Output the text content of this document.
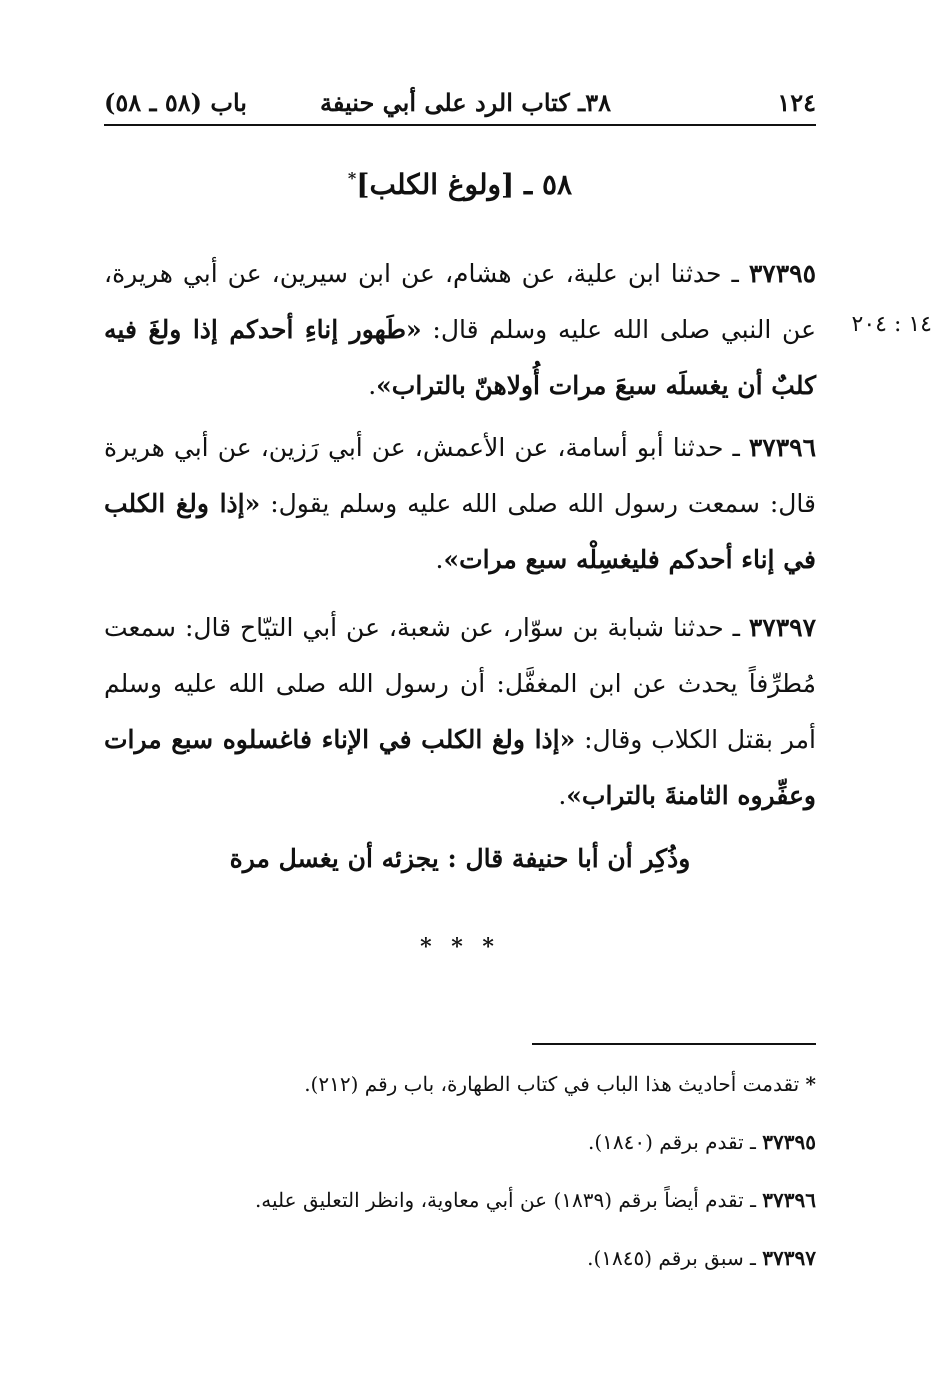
١٢٤
٣٨ـ كتاب الرد على أبي حنيفة
باب (٥٨ ـ ٥٨)
٥٨ ـ [ولوغ الكلب]*
١٤ : ٢٠٤
٣٧٣٩٥ ـ حدثنا ابن علية، عن هشام، عن ابن سيرين، عن أبي هريرة، عن النبي صلى الله عليه وسلم قال: «طَهور إناءِ أحدكم إذا ولغَ فيه كلبٌ أن يغسلَه سبعَ مرات أُولاهنّ بالتراب».
٣٧٣٩٦ ـ حدثنا أبو أسامة، عن الأعمش، عن أبي رَزين، عن أبي هريرة قال: سمعت رسول الله صلى الله عليه وسلم يقول: «إذا ولغ الكلب في إناء أحدكم فليغسِلْه سبع مرات».
٣٧٣٩٧ ـ حدثنا شبابة بن سوّار، عن شعبة، عن أبي التيّاح قال: سمعت مُطرِّفاً يحدث عن ابن المغفَّل: أن رسول الله صلى الله عليه وسلم أمر بقتل الكلاب وقال: «إذا ولغ الكلب في الإناء فاغسلوه سبع مرات وعفِّروه الثامنةَ بالتراب».
وذُكِر أن أبا حنيفة قال : يجزئه أن يغسل مرة
* * *
* تقدمت أحاديث هذا الباب في كتاب الطهارة، باب رقم (٢١٢).
٣٧٣٩٥ ـ تقدم برقم (١٨٤٠).
٣٧٣٩٦ ـ تقدم أيضاً برقم (١٨٣٩) عن أبي معاوية، وانظر التعليق عليه.
٣٧٣٩٧ ـ سبق برقم (١٨٤٥).
